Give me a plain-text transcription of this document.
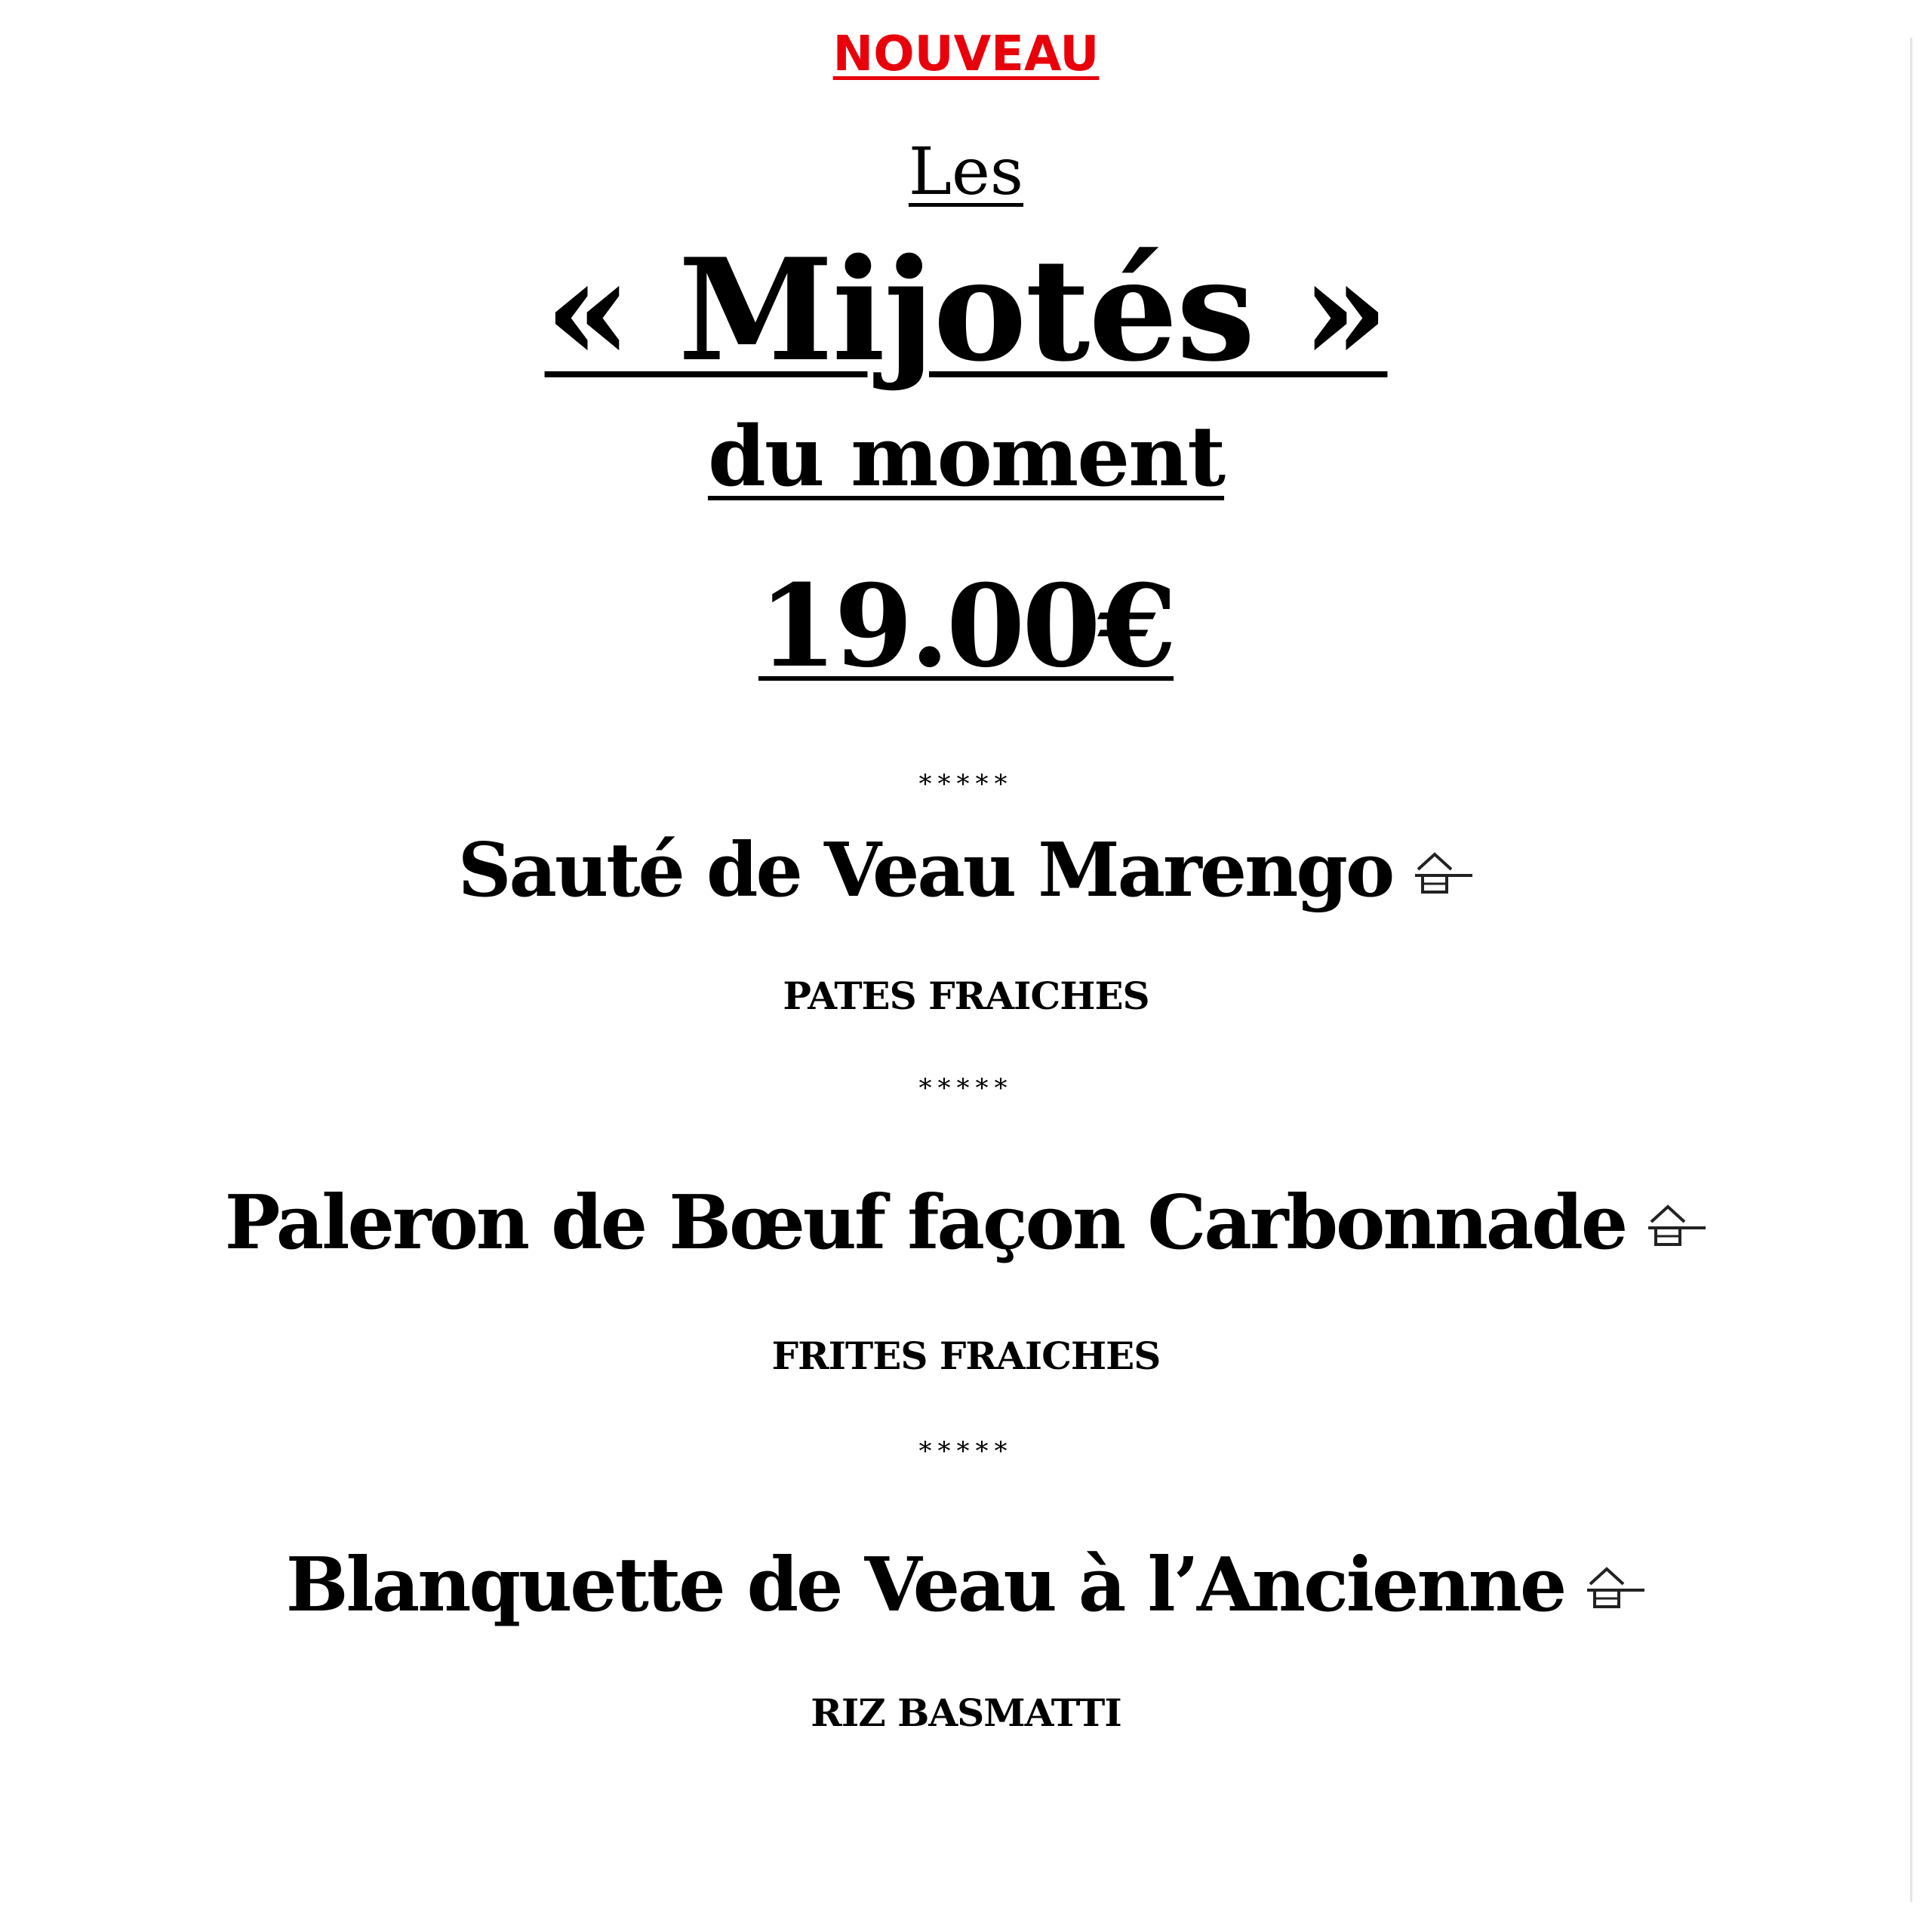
NOUVEAU

Les

« Mijotés »

du moment

19.00€

*****

Sauté de Veau Marengo

PATES FRAICHES

*****

Paleron de Bœuf façon Carbonnade

FRITES FRAICHES

*****

Blanquette de Veau à l’Ancienne

RIZ BASMATTI
